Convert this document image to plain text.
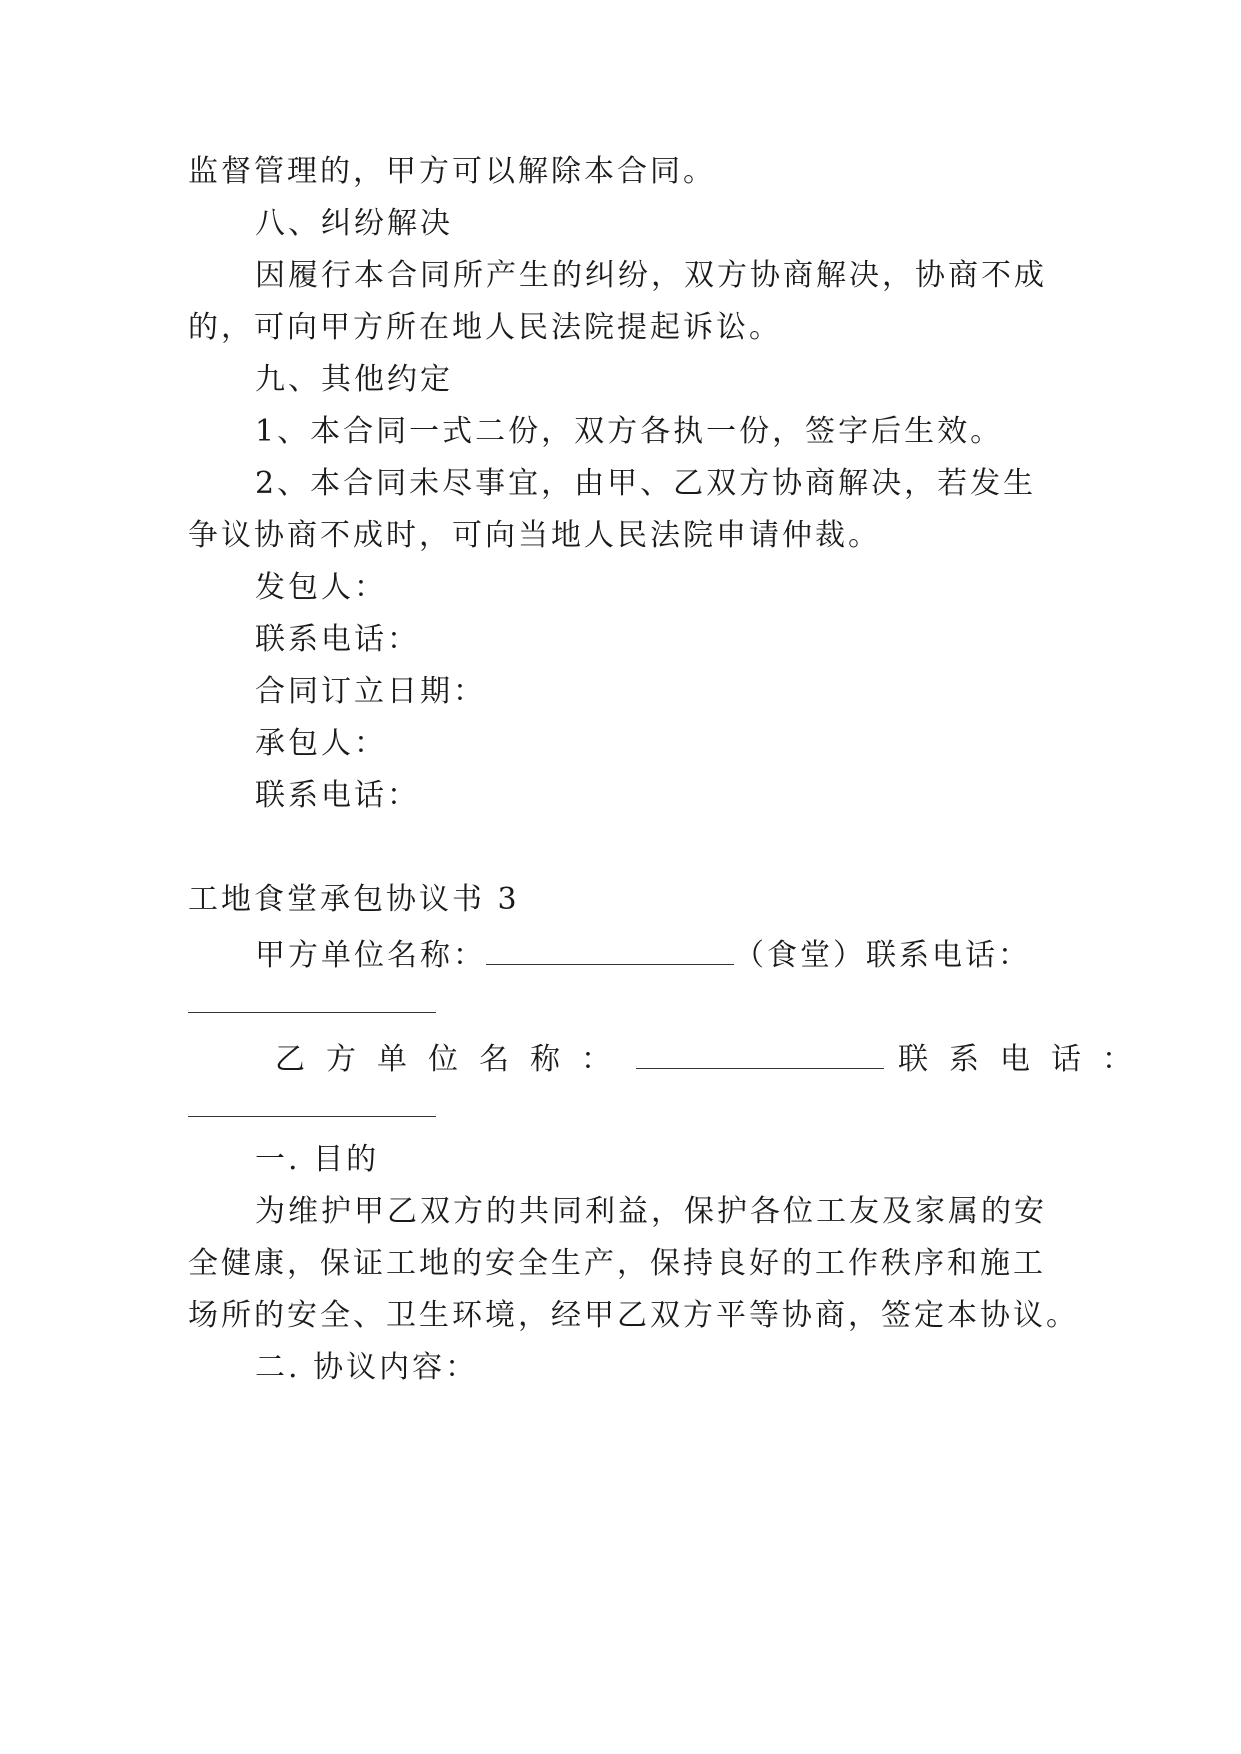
监督管理的，甲方可以解除本合同。
八、纠纷解决
因履行本合同所产生的纠纷，双方协商解决，协商不成
的，可向甲方所在地人民法院提起诉讼。
九、其他约定
1、本合同一式二份，双方各执一份，签字后生效。
2、本合同未尽事宜，由甲、乙双方协商解决，若发生
争议协商不成时，可向当地人民法院申请仲裁。
发包人：
联系电话：
合同订立日期：
承包人：
联系电话：
工地食堂承包协议书 3
甲方单位名称：	（食堂）联系电话：
乙方单位名称：	联系电话：
一. 目的
为维护甲乙双方的共同利益，保护各位工友及家属的安
全健康，保证工地的安全生产，保持良好的工作秩序和施工
场所的安全、卫生环境，经甲乙双方平等协商，签定本协议。
二. 协议内容：
